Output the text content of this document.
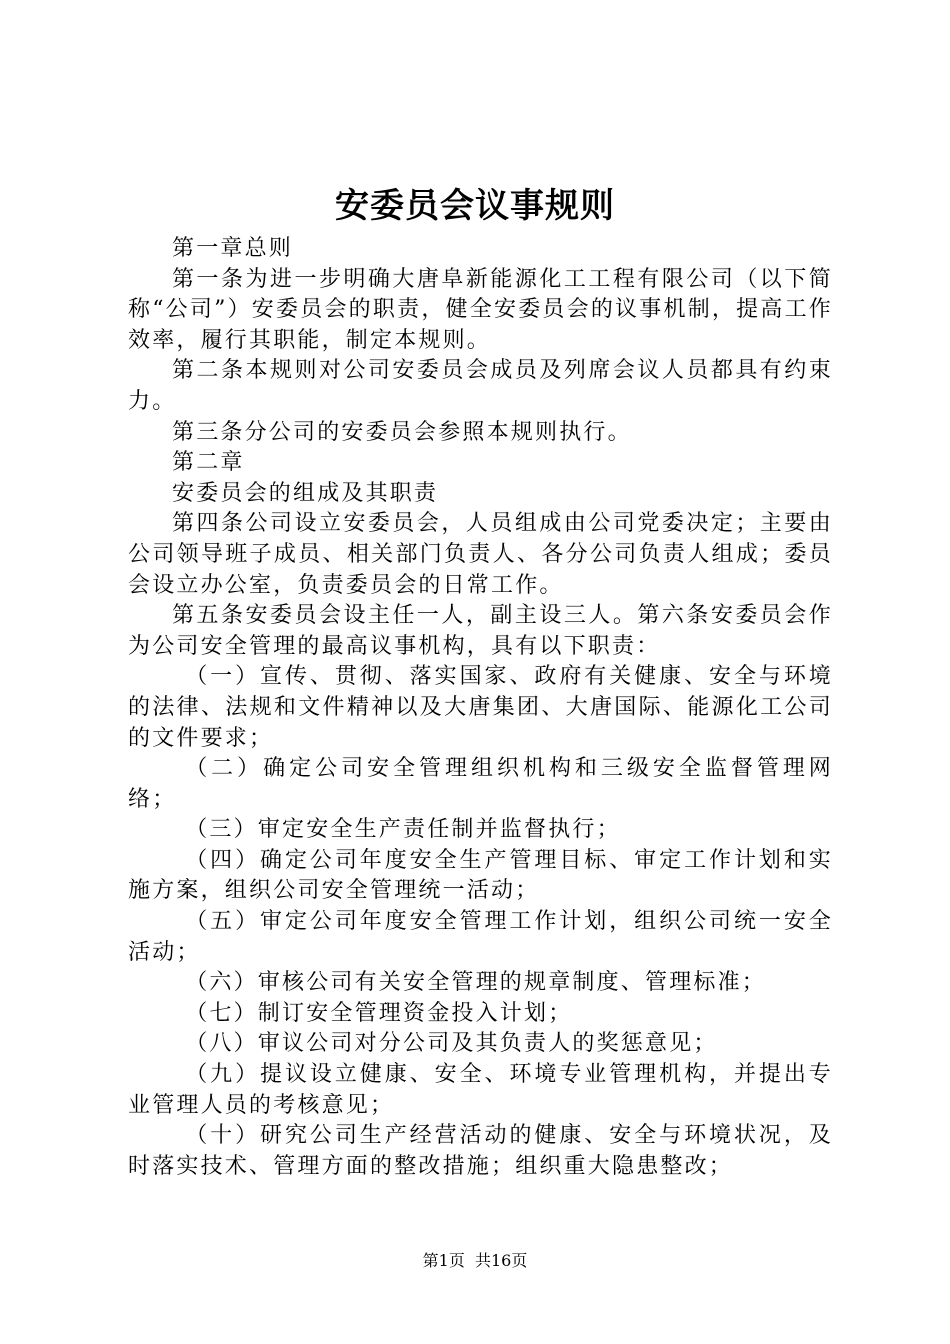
安委员会议事规则

第一章总则

第一条为进一步明确大唐阜新能源化工工程有限公司（以下简称“公司”）安委员会的职责，健全安委员会的议事机制，提高工作效率，履行其职能，制定本规则。

第二条本规则对公司安委员会成员及列席会议人员都具有约束力。

第三条分公司的安委员会参照本规则执行。

第二章

安委员会的组成及其职责

第四条公司设立安委员会，人员组成由公司党委决定；主要由公司领导班子成员、相关部门负责人、各分公司负责人组成；委员会设立办公室，负责委员会的日常工作。

第五条安委员会设主任一人，副主设三人。第六条安委员会作为公司安全管理的最高议事机构，具有以下职责：

（一）宣传、贯彻、落实国家、政府有关健康、安全与环境的法律、法规和文件精神以及大唐集团、大唐国际、能源化工公司的文件要求；

（二）确定公司安全管理组织机构和三级安全监督管理网络；

（三）审定安全生产责任制并监督执行；

（四）确定公司年度安全生产管理目标、审定工作计划和实施方案，组织公司安全管理统一活动；

（五）审定公司年度安全管理工作计划，组织公司统一安全活动；

（六）审核公司有关安全管理的规章制度、管理标准；

（七）制订安全管理资金投入计划；

（八）审议公司对分公司及其负责人的奖惩意见；

（九）提议设立健康、安全、环境专业管理机构，并提出专业管理人员的考核意见；

（十）研究公司生产经营活动的健康、安全与环境状况，及时落实技术、管理方面的整改措施；组织重大隐患整改；

第1页  共16页
